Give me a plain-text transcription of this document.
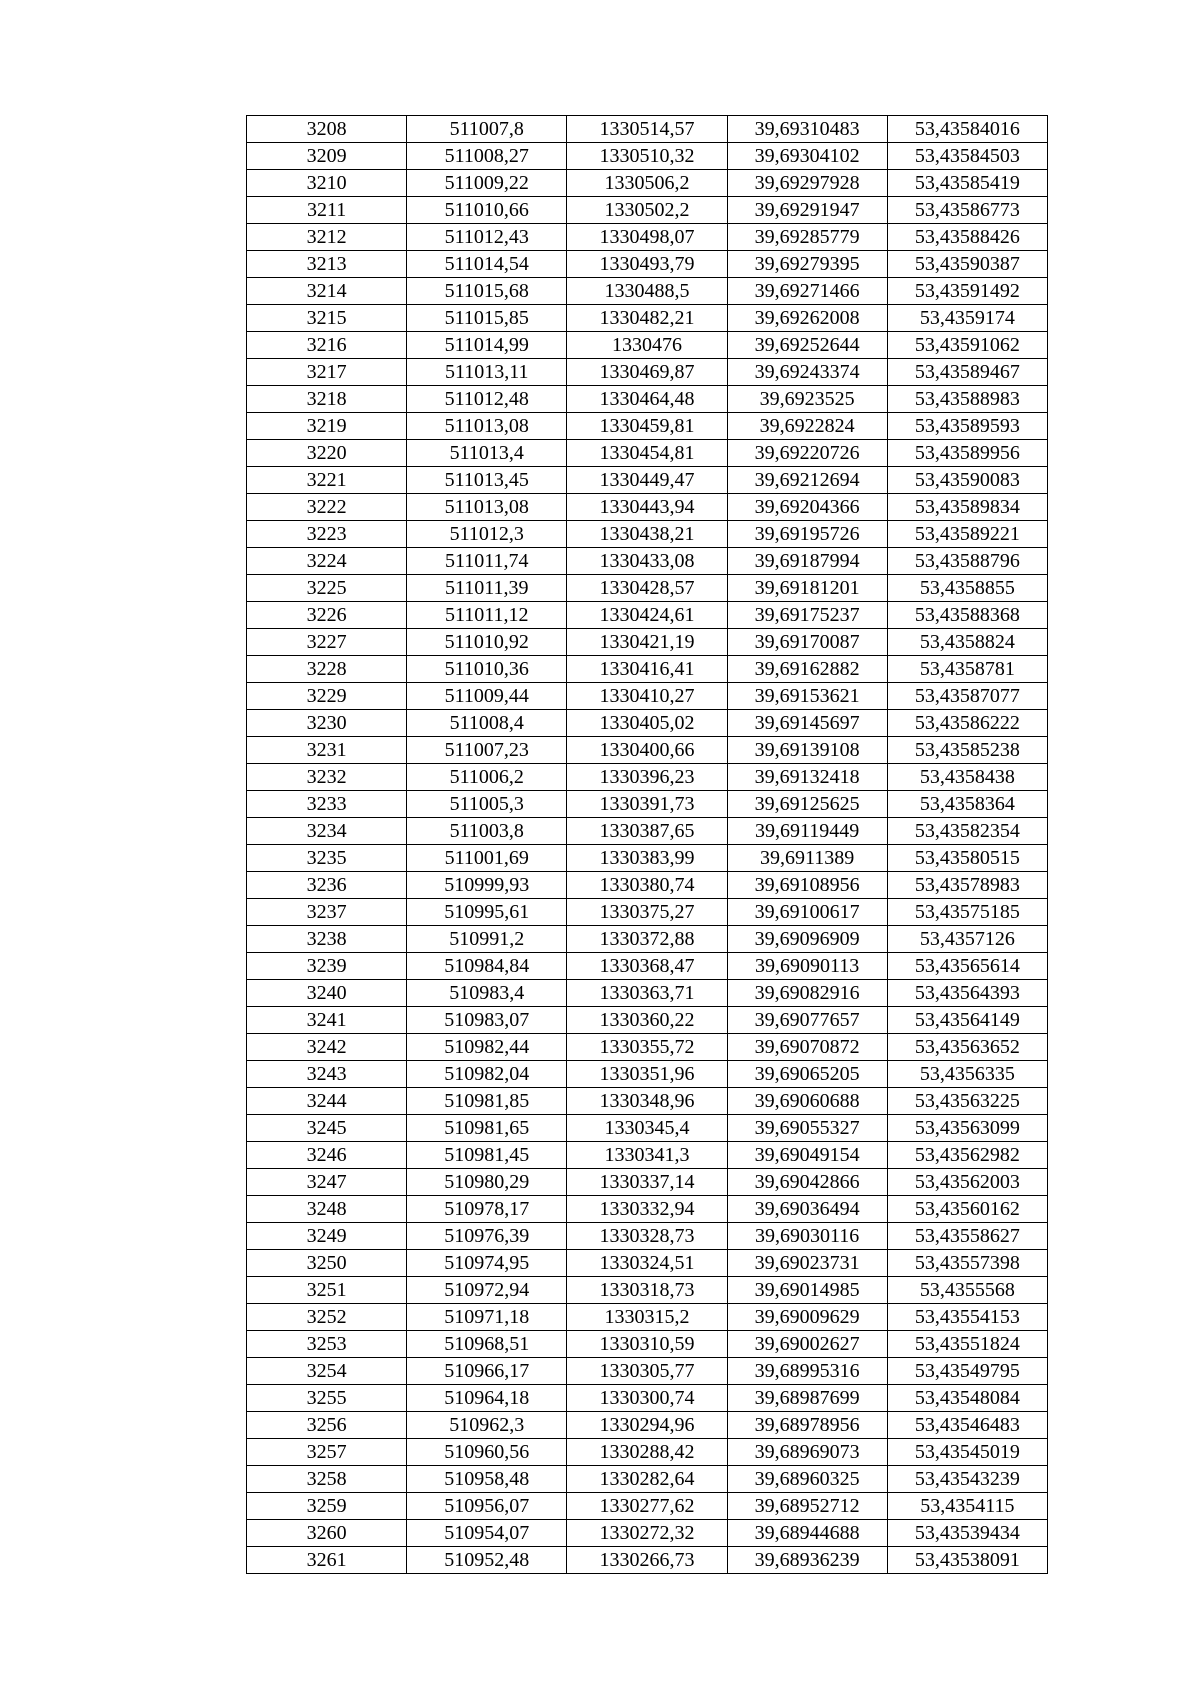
3208	511007,8	1330514,57	39,69310483	53,43584016
3209	511008,27	1330510,32	39,69304102	53,43584503
3210	511009,22	1330506,2	39,69297928	53,43585419
3211	511010,66	1330502,2	39,69291947	53,43586773
3212	511012,43	1330498,07	39,69285779	53,43588426
3213	511014,54	1330493,79	39,69279395	53,43590387
3214	511015,68	1330488,5	39,69271466	53,43591492
3215	511015,85	1330482,21	39,69262008	53,4359174
3216	511014,99	1330476	39,69252644	53,43591062
3217	511013,11	1330469,87	39,69243374	53,43589467
3218	511012,48	1330464,48	39,6923525	53,43588983
3219	511013,08	1330459,81	39,6922824	53,43589593
3220	511013,4	1330454,81	39,69220726	53,43589956
3221	511013,45	1330449,47	39,69212694	53,43590083
3222	511013,08	1330443,94	39,69204366	53,43589834
3223	511012,3	1330438,21	39,69195726	53,43589221
3224	511011,74	1330433,08	39,69187994	53,43588796
3225	511011,39	1330428,57	39,69181201	53,4358855
3226	511011,12	1330424,61	39,69175237	53,43588368
3227	511010,92	1330421,19	39,69170087	53,4358824
3228	511010,36	1330416,41	39,69162882	53,4358781
3229	511009,44	1330410,27	39,69153621	53,43587077
3230	511008,4	1330405,02	39,69145697	53,43586222
3231	511007,23	1330400,66	39,69139108	53,43585238
3232	511006,2	1330396,23	39,69132418	53,4358438
3233	511005,3	1330391,73	39,69125625	53,4358364
3234	511003,8	1330387,65	39,69119449	53,43582354
3235	511001,69	1330383,99	39,6911389	53,43580515
3236	510999,93	1330380,74	39,69108956	53,43578983
3237	510995,61	1330375,27	39,69100617	53,43575185
3238	510991,2	1330372,88	39,69096909	53,4357126
3239	510984,84	1330368,47	39,69090113	53,43565614
3240	510983,4	1330363,71	39,69082916	53,43564393
3241	510983,07	1330360,22	39,69077657	53,43564149
3242	510982,44	1330355,72	39,69070872	53,43563652
3243	510982,04	1330351,96	39,69065205	53,4356335
3244	510981,85	1330348,96	39,69060688	53,43563225
3245	510981,65	1330345,4	39,69055327	53,43563099
3246	510981,45	1330341,3	39,69049154	53,43562982
3247	510980,29	1330337,14	39,69042866	53,43562003
3248	510978,17	1330332,94	39,69036494	53,43560162
3249	510976,39	1330328,73	39,69030116	53,43558627
3250	510974,95	1330324,51	39,69023731	53,43557398
3251	510972,94	1330318,73	39,69014985	53,4355568
3252	510971,18	1330315,2	39,69009629	53,43554153
3253	510968,51	1330310,59	39,69002627	53,43551824
3254	510966,17	1330305,77	39,68995316	53,43549795
3255	510964,18	1330300,74	39,68987699	53,43548084
3256	510962,3	1330294,96	39,68978956	53,43546483
3257	510960,56	1330288,42	39,68969073	53,43545019
3258	510958,48	1330282,64	39,68960325	53,43543239
3259	510956,07	1330277,62	39,68952712	53,4354115
3260	510954,07	1330272,32	39,68944688	53,43539434
3261	510952,48	1330266,73	39,68936239	53,43538091
